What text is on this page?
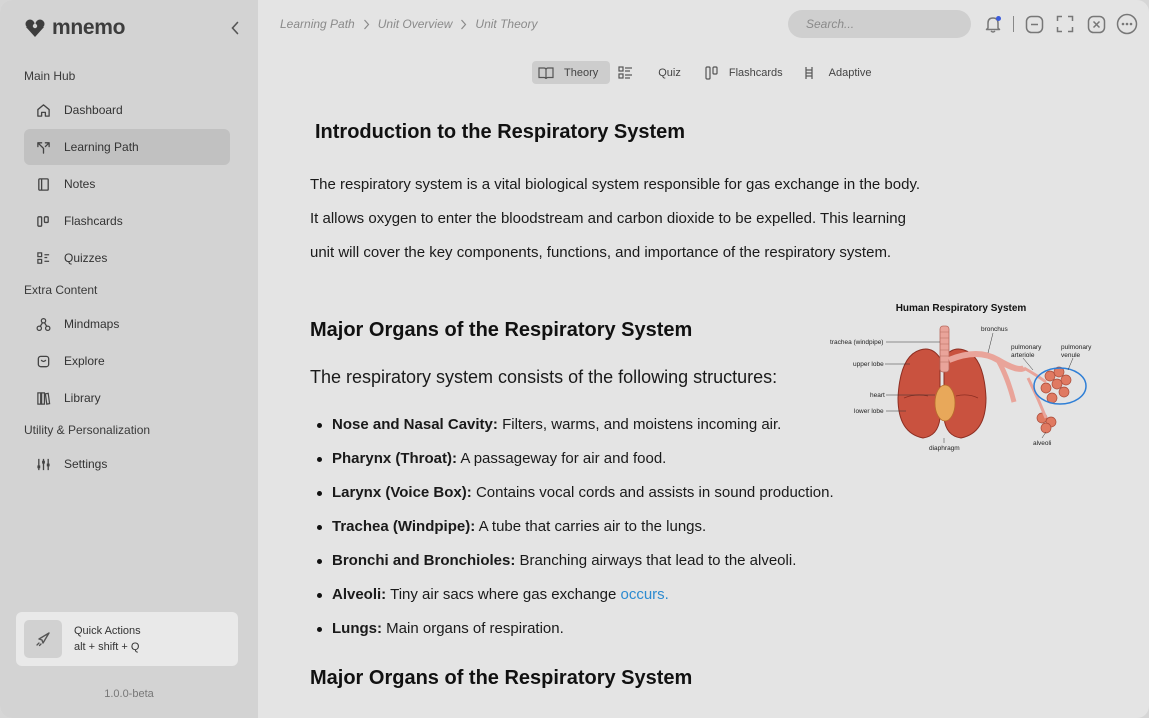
mnemo
Main Hub
Dashboard
Learning Path
Notes
Flashcards
Quizzes
Extra Content
Mindmaps
Explore
Library
Utility & Personalization
Settings
Quick Actions
alt + shift + Q
1.0.0-beta
Learning Path Unit Overview Unit Theory
Search...
Theory	Quiz	Flashcards	Adaptive
Introduction to the Respiratory System
The respiratory system is a vital biological system responsible for gas exchange in the body.
It allows oxygen to enter the bloodstream and carbon dioxide to be expelled. This learning
unit will cover the key components, functions, and importance of the respiratory system.
Major Organs of the Respiratory System
The respiratory system consists of the following structures:
Nose and Nasal Cavity: Filters, warms, and moistens incoming air.
Pharynx (Throat): A passageway for air and food.
Larynx (Voice Box): Contains vocal cords and assists in sound production.
Trachea (Windpipe): A tube that carries air to the lungs.
Bronchi and Bronchioles: Branching airways that lead to the alveoli.
Alveoli: Tiny air sacs where gas exchange occurs.
Lungs: Main organs of respiration.
Major Organs of the Respiratory System
Human Respiratory System
bronchus
trachea (windpipe)
upper lobe
heart
lower lobe
diaphragm
pulmonary
arteriole
pulmonary
venule
alveoli
